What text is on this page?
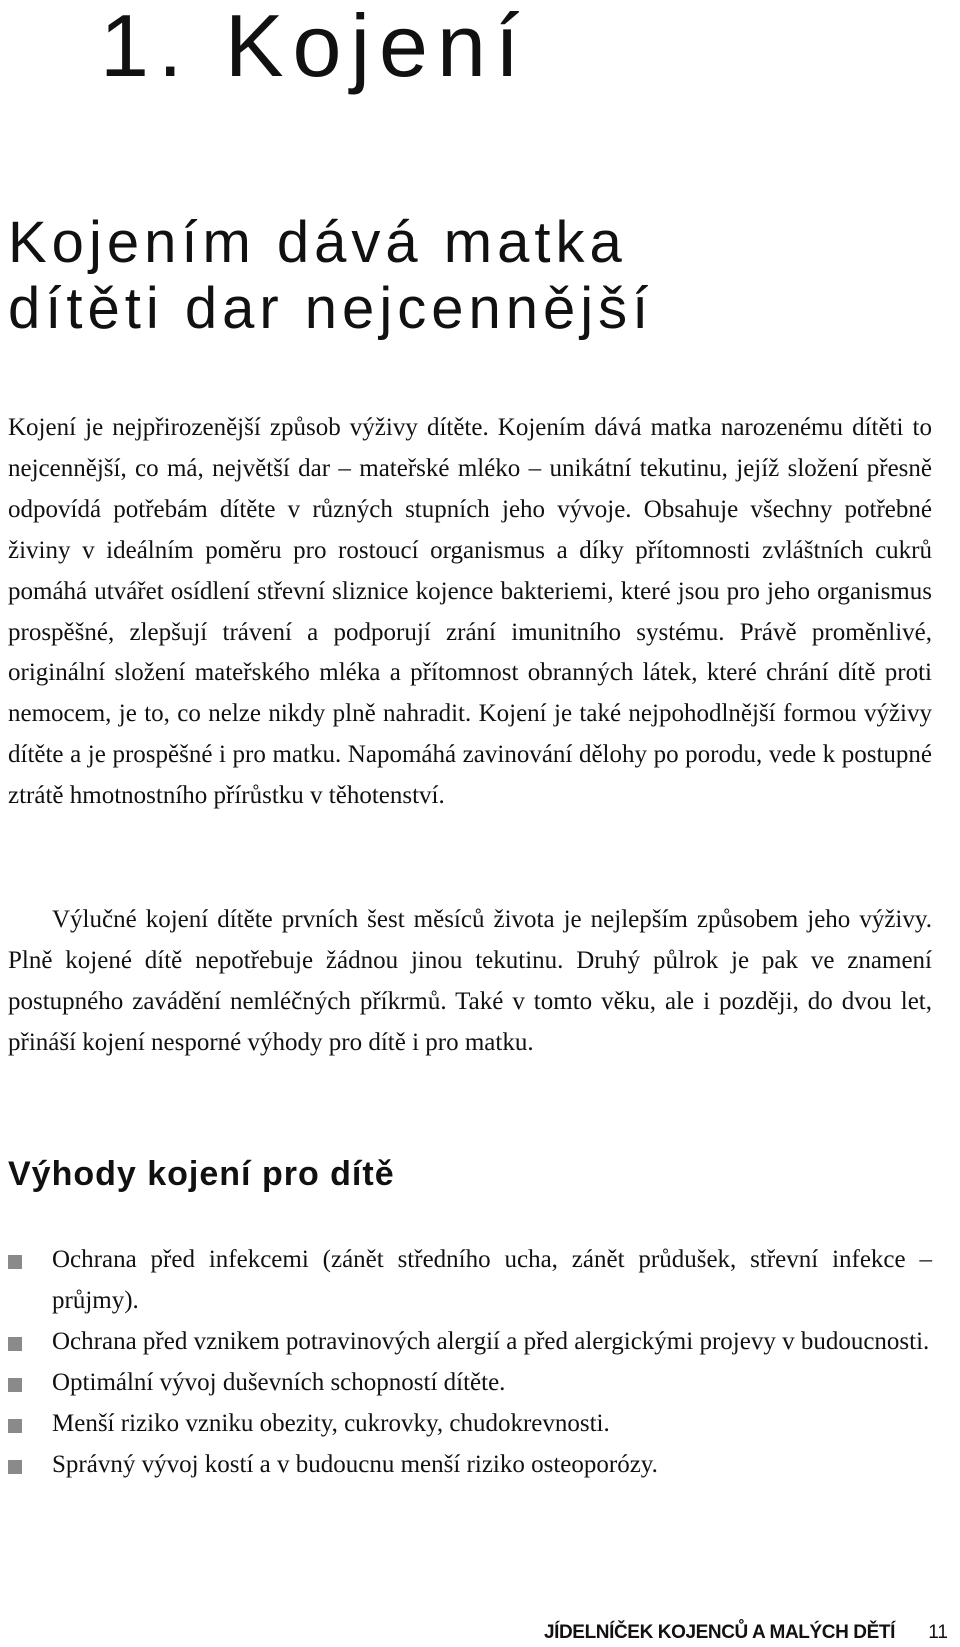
1. Kojení
Kojením dává matka
dítěti dar nejcennější

Kojení je nejpřirozenější způsob výživy dítěte. Kojením dává matka narozenému dítěti to nejcennější, co má, největší dar – mateřské mléko – unikátní tekutinu, jejíž složení přesně odpovídá potřebám dítěte v různých stupních jeho vývoje. Obsahuje všechny potřebné živiny v ideálním poměru pro rostoucí organismus a díky přítomnosti zvláštních cukrů pomáhá utvářet osídlení střevní sliznice kojence bakteriemi, které jsou pro jeho organismus prospěšné, zlepšují trávení a podporují zrání imunitního systému. Právě proměnlivé, originální složení mateřského mléka a přítomnost obranných látek, které chrání dítě proti nemocem, je to, co nelze nikdy plně nahradit. Kojení je také nejpohodlnější formou výživy dítěte a je prospěšné i pro matku. Napomáhá zavinování dělohy po porodu, vede k postupné ztrátě hmotnostního přírůstku v těhotenství.

Výlučné kojení dítěte prvních šest měsíců života je nejlepším způsobem jeho výživy. Plně kojené dítě nepotřebuje žádnou jinou tekutinu. Druhý půlrok je pak ve znamení postupného zavádění nemléčných příkrmů. Také v tomto věku, ale i později, do dvou let, přináší kojení nesporné výhody pro dítě i pro matku.

Výhody kojení pro dítě
Ochrana před infekcemi (zánět středního ucha, zánět průdušek, střevní infekce – průjmy).
Ochrana před vznikem potravinových alergií a před alergickými projevy v budoucnosti.
Optimální vývoj duševních schopností dítěte.
Menší riziko vzniku obezity, cukrovky, chudokrevnosti.
Správný vývoj kostí a v budoucnu menší riziko osteoporózy.
JÍDELNÍČEK KOJENCŮ A MALÝCH DĚTÍ 11
